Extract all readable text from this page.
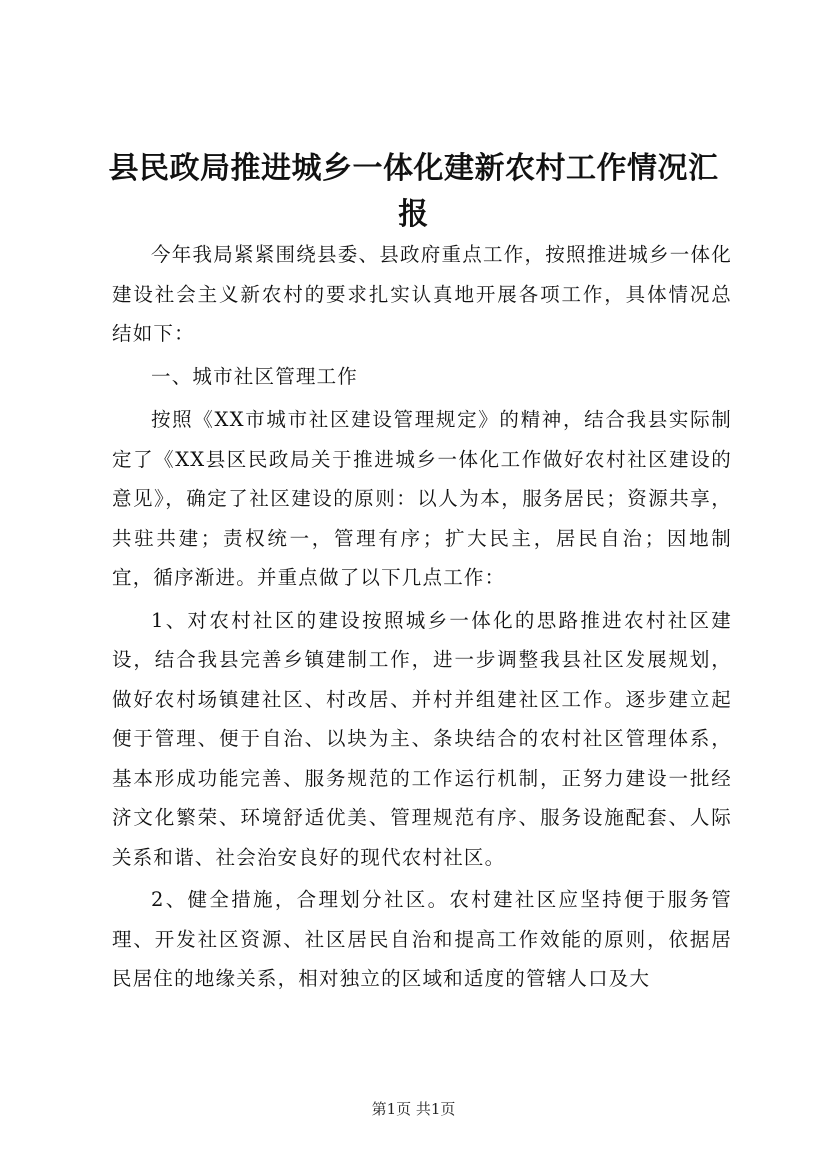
县民政局推进城乡一体化建新农村工作情况汇报

今年我局紧紧围绕县委、县政府重点工作，按照推进城乡一体化建设社会主义新农村的要求扎实认真地开展各项工作，具体情况总结如下：

一、城市社区管理工作

按照《XX市城市社区建设管理规定》的精神，结合我县实际制定了《XX县区民政局关于推进城乡一体化工作做好农村社区建设的意见》，确定了社区建设的原则：以人为本，服务居民；资源共享，共驻共建；责权统一，管理有序；扩大民主，居民自治；因地制宜，循序渐进。并重点做了以下几点工作：

1、对农村社区的建设按照城乡一体化的思路推进农村社区建设，结合我县完善乡镇建制工作，进一步调整我县社区发展规划，做好农村场镇建社区、村改居、并村并组建社区工作。逐步建立起便于管理、便于自治、以块为主、条块结合的农村社区管理体系，基本形成功能完善、服务规范的工作运行机制，正努力建设一批经济文化繁荣、环境舒适优美、管理规范有序、服务设施配套、人际关系和谐、社会治安良好的现代农村社区。

2、健全措施，合理划分社区。农村建社区应坚持便于服务管理、开发社区资源、社区居民自治和提高工作效能的原则，依据居民居住的地缘关系，相对独立的区域和适度的管辖人口及大

第1页 共1页
